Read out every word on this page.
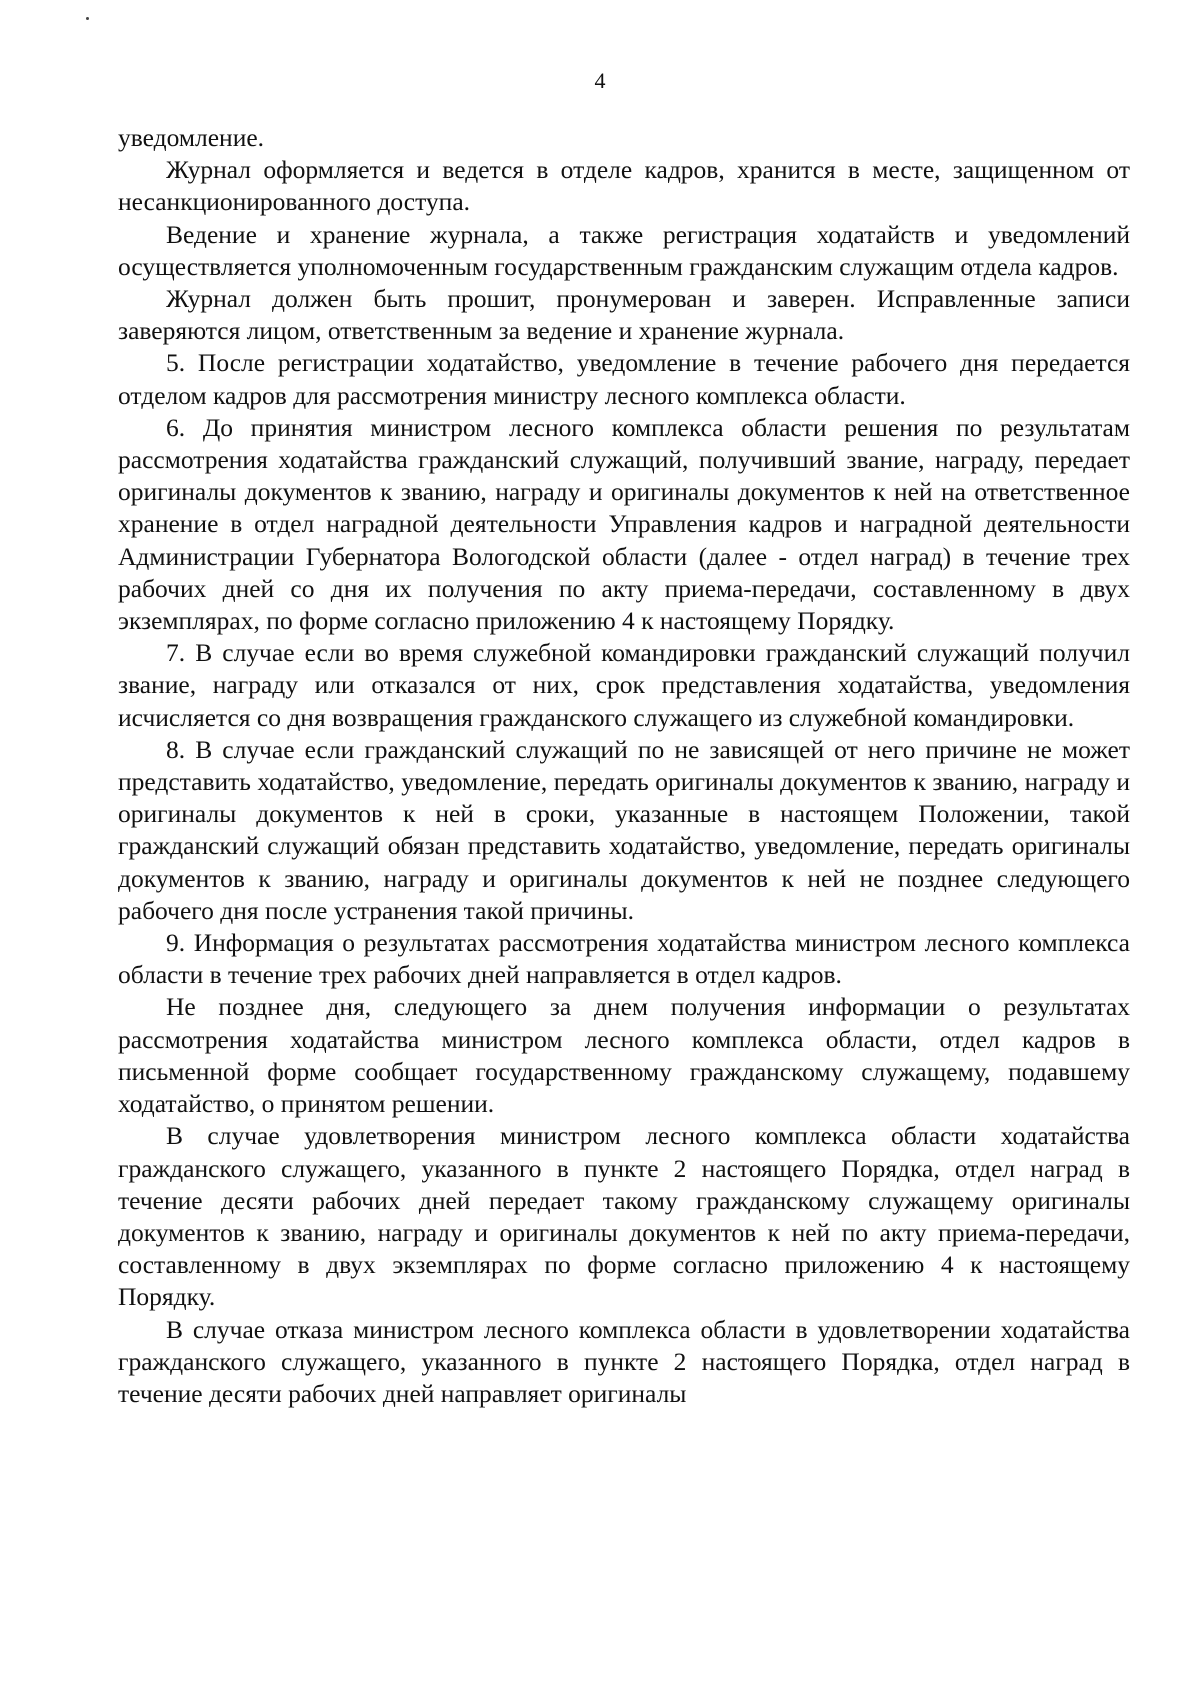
4

уведомление.

Журнал оформляется и ведется в отделе кадров, хранится в месте, защищенном от несанкционированного доступа.

Ведение и хранение журнала, а также регистрация ходатайств и уведомлений осуществляется уполномоченным государственным гражданским служащим отдела кадров.

Журнал должен быть прошит, пронумерован и заверен. Исправленные записи заверяются лицом, ответственным за ведение и хранение журнала.

5. После регистрации ходатайство, уведомление в течение рабочего дня передается отделом кадров для рассмотрения министру лесного комплекса области.

6. До принятия министром лесного комплекса области решения по результатам рассмотрения ходатайства гражданский служащий, получивший звание, награду, передает оригиналы документов к званию, награду и оригиналы документов к ней на ответственное хранение в отдел наградной деятельности Управления кадров и наградной деятельности Администрации Губернатора Вологодской области (далее - отдел наград) в течение трех рабочих дней со дня их получения по акту приема-передачи, составленному в двух экземплярах, по форме согласно приложению 4 к настоящему Порядку.

7. В случае если во время служебной командировки гражданский служащий получил звание, награду или отказался от них, срок представления ходатайства, уведомления исчисляется со дня возвращения гражданского служащего из служебной командировки.

8. В случае если гражданский служащий по не зависящей от него причине не может представить ходатайство, уведомление, передать оригиналы документов к званию, награду и оригиналы документов к ней в сроки, указанные в настоящем Положении, такой гражданский служащий обязан представить ходатайство, уведомление, передать оригиналы документов к званию, награду и оригиналы документов к ней не позднее следующего рабочего дня после устранения такой причины.

9. Информация о результатах рассмотрения ходатайства министром лесного комплекса области в течение трех рабочих дней направляется в отдел кадров.

Не позднее дня, следующего за днем получения информации о результатах рассмотрения ходатайства министром лесного комплекса области, отдел кадров в письменной форме сообщает государственному гражданскому служащему, подавшему ходатайство, о принятом решении.

В случае удовлетворения министром лесного комплекса области ходатайства гражданского служащего, указанного в пункте 2 настоящего Порядка, отдел наград в течение десяти рабочих дней передает такому гражданскому служащему оригиналы документов к званию, награду и оригиналы документов к ней по акту приема-передачи, составленному в двух экземплярах по форме согласно приложению 4 к настоящему Порядку.

В случае отказа министром лесного комплекса области в удовлетворении ходатайства гражданского служащего, указанного в пункте 2 настоящего Порядка, отдел наград в течение десяти рабочих дней направляет оригиналы
